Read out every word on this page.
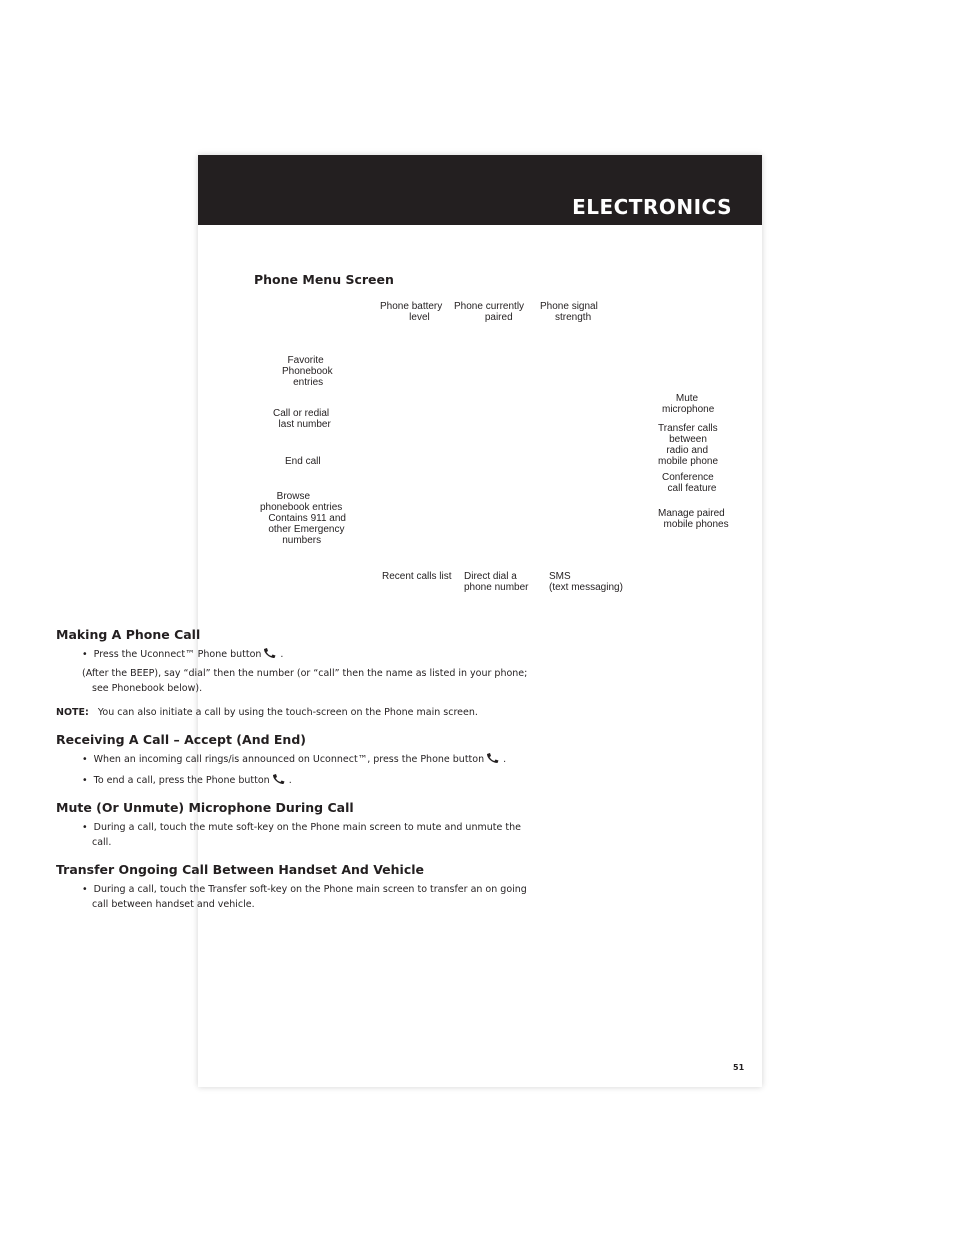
ELECTRONICS
Phone Menu Screen
Phone battery
level
Phone currently
paired
Phone signal
strength
Favorite
Phonebook
entries
Call or redial
last number
End call
Browse
phonebook entries
Contains 911 and
other Emergency
numbers
Mute
microphone
Transfer calls
between
radio and
mobile phone
Conference
call feature
Manage paired
mobile phones
Recent calls list Direct dial a
phone number
SMS
(text messaging)
Making A Phone Call

•  Press the Uconnect™ Phone button .

(After the BEEP), say “dial” then the number (or “call” then the name as listed in your phone; see Phonebook below).

NOTE: You can also initiate a call by using the touch-screen on the Phone main screen.

Receiving A Call – Accept (And End)

•  When an incoming call rings/is announced on Uconnect™, press the Phone button .

•  To end a call, press the Phone button .

Mute (Or Unmute) Microphone During Call

•  During a call, touch the mute soft-key on the Phone main screen to mute and unmute the call.

Transfer Ongoing Call Between Handset And Vehicle

•  During a call, touch the Transfer soft-key on the Phone main screen to transfer an on going call between handset and vehicle.

51
